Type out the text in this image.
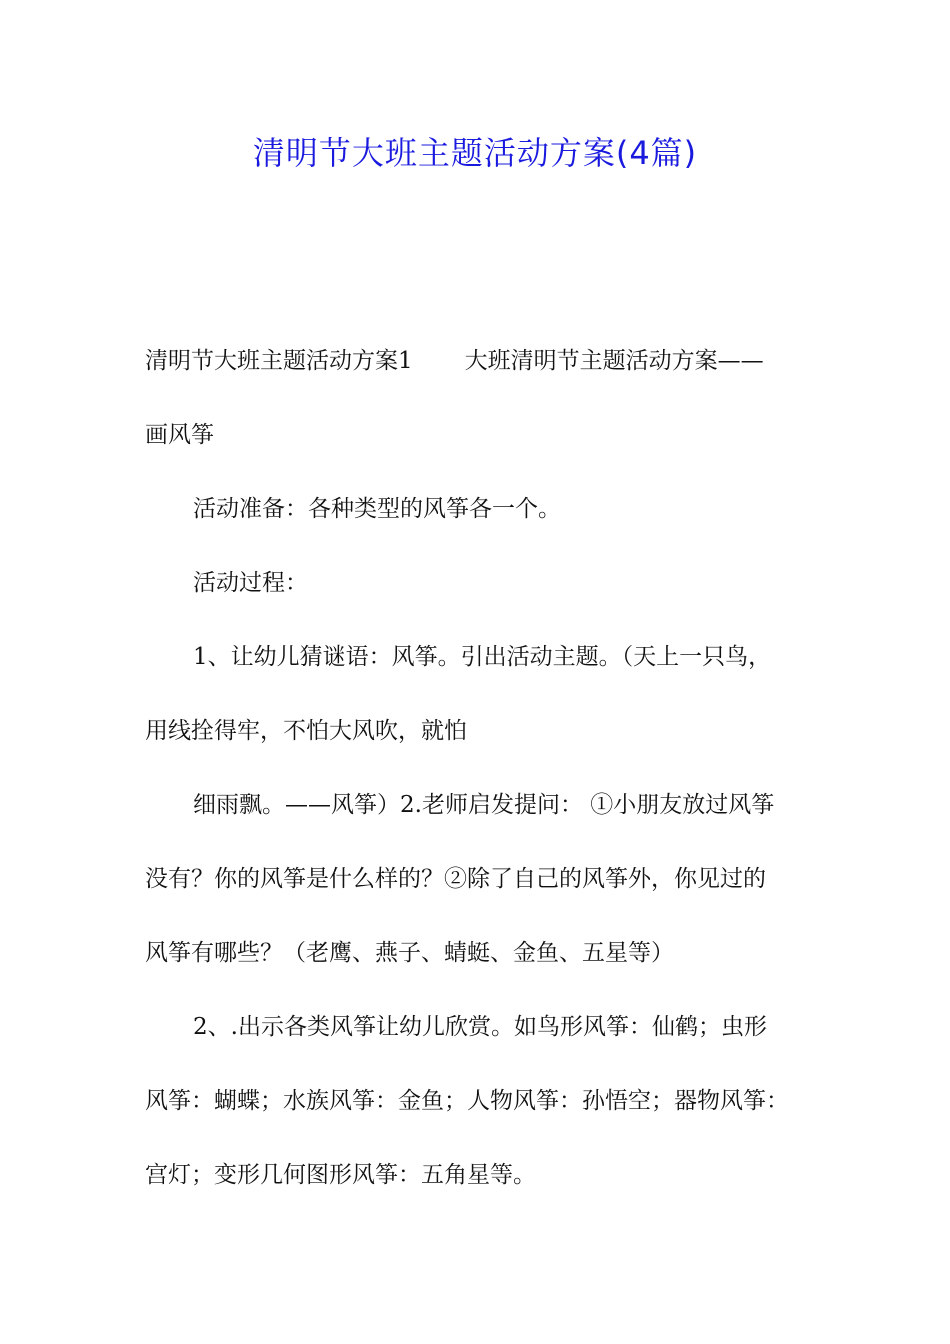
清明节大班主题活动方案(4篇)
清明节大班主题活动方案1 大班清明节主题活动方案——
画风筝
活动准备：各种类型的风筝各一个。
活动过程：
1、让幼儿猜谜语：风筝。引出活动主题。（天上一只鸟，
用线拴得牢，不怕大风吹，就怕
细雨飘。——风筝）2.老师启发提问： ①小朋友放过风筝
没有？你的风筝是什么样的？②除了自己的风筝外，你见过的
风筝有哪些？（老鹰、燕子、蜻蜓、金鱼、五星等）
2、.出示各类风筝让幼儿欣赏。如鸟形风筝：仙鹤；虫形
风筝：蝴蝶；水族风筝：金鱼；人物风筝：孙悟空；器物风筝：
宫灯；变形几何图形风筝：五角星等。
